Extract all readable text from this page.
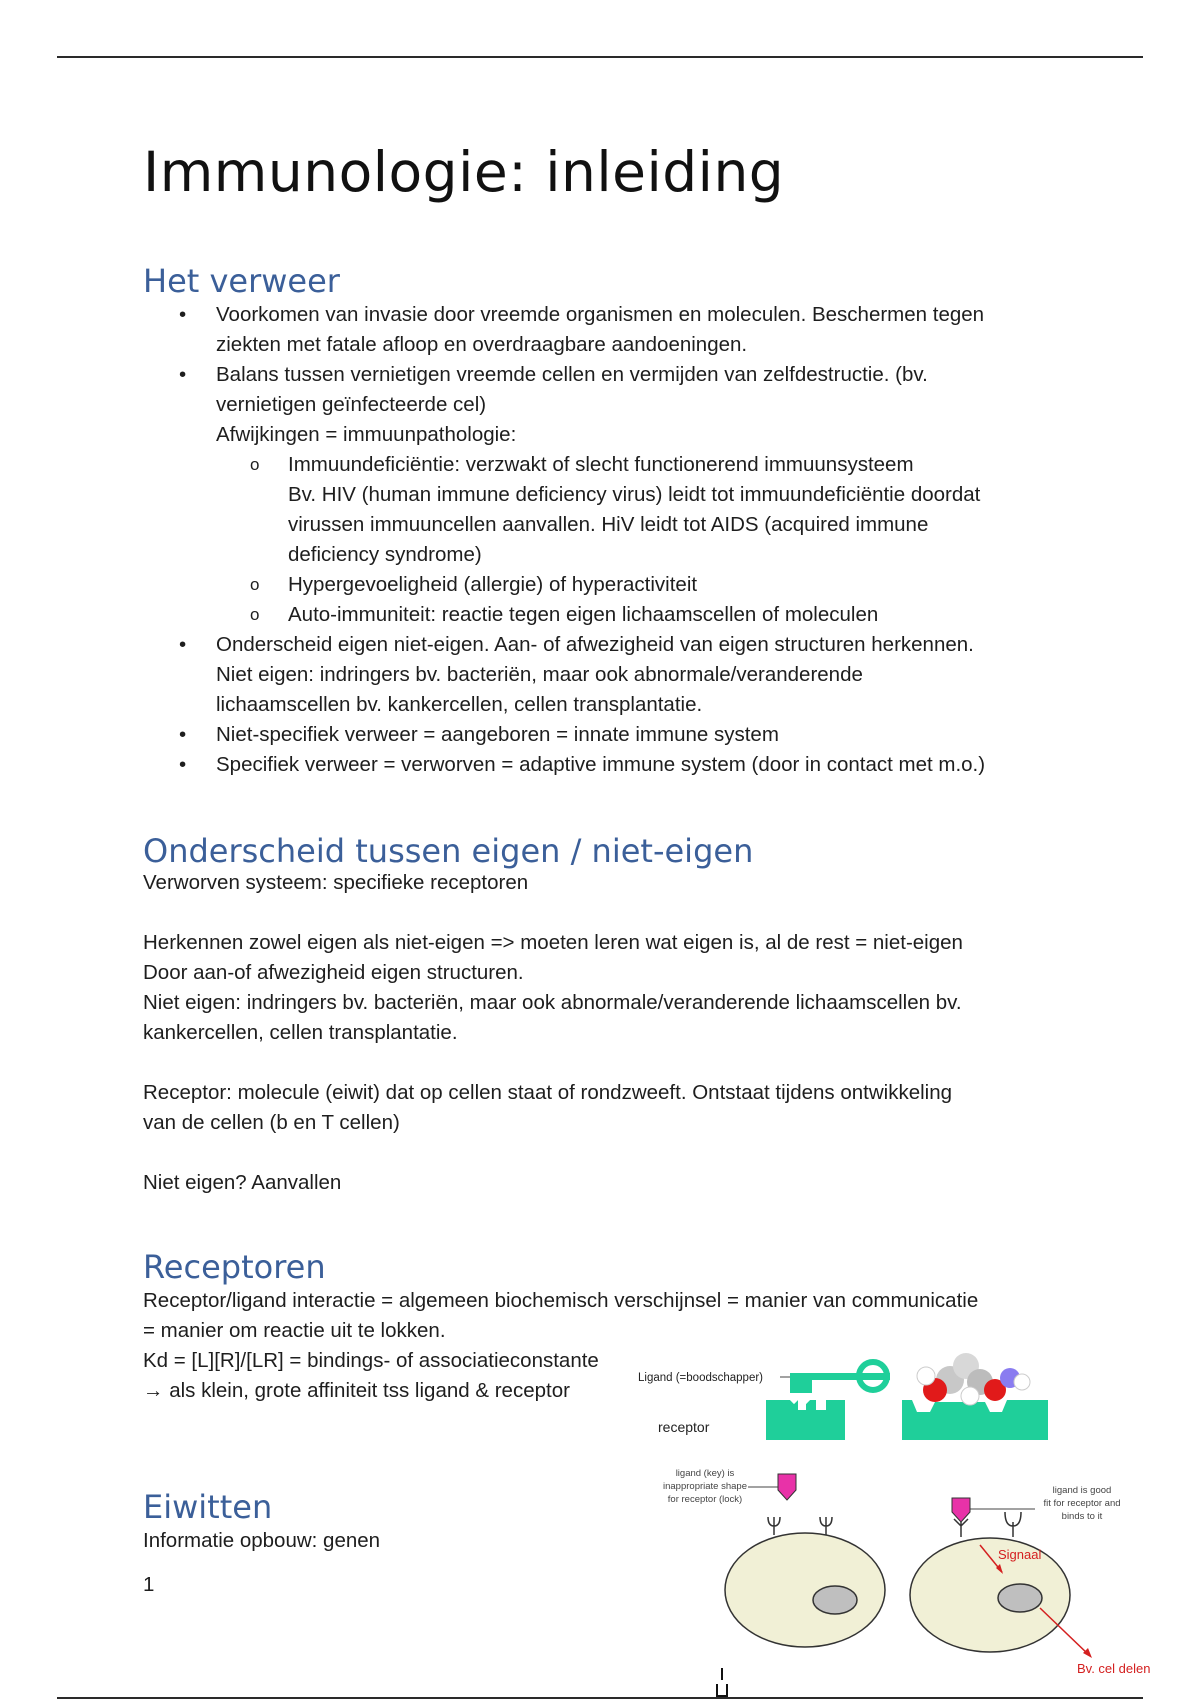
Immunologie: inleiding
Het verweer
• Voorkomen van invasie door vreemde organismen en moleculen. Beschermen tegen
ziekten met fatale afloop en overdraagbare aandoeningen.
• Balans tussen vernietigen vreemde cellen en vermijden van zelfdestructie. (bv.
vernietigen geïnfecteerde cel)
Afwijkingen = immuunpathologie:
o Immuundeficiëntie: verzwakt of slecht functionerend immuunsysteem
Bv. HIV (human immune deficiency virus) leidt tot immuundeficiëntie doordat
virussen immuuncellen aanvallen. HiV leidt tot AIDS (acquired immune
deficiency syndrome)
o Hypergevoeligheid (allergie) of hyperactiviteit
o Auto-immuniteit: reactie tegen eigen lichaamscellen of moleculen
• Onderscheid eigen niet-eigen. Aan- of afwezigheid van eigen structuren herkennen.
Niet eigen: indringers bv. bacteriën, maar ook abnormale/veranderende
lichaamscellen bv. kankercellen, cellen transplantatie.
• Niet-specifiek verweer = aangeboren = innate immune system
• Specifiek verweer = verworven = adaptive immune system (door in contact met m.o.)
Onderscheid tussen eigen / niet-eigen
Verworven systeem: specifieke receptoren
Herkennen zowel eigen als niet-eigen => moeten leren wat eigen is, al de rest = niet-eigen
Door aan-of afwezigheid eigen structuren.
Niet eigen: indringers bv. bacteriën, maar ook abnormale/veranderende lichaamscellen bv.
kankercellen, cellen transplantatie.
Receptor: molecule (eiwit) dat op cellen staat of rondzweeft. Ontstaat tijdens ontwikkeling
van de cellen (b en T cellen)
Niet eigen? Aanvallen
Receptoren
Receptor/ligand interactie = algemeen biochemisch verschijnsel = manier van communicatie
= manier om reactie uit te lokken.
Kd = [L][R]/[LR] = bindings- of associatieconstante
→ als klein, grote affiniteit tss ligand & receptor
Eiwitten
Informatie opbouw: genen
1
Ligand (=boodschapper)
receptor
ligand (key) is
inappropriate shape
for receptor (lock)
ligand is good
fit for receptor and
binds to it
Signaal
Bv. cel delen
